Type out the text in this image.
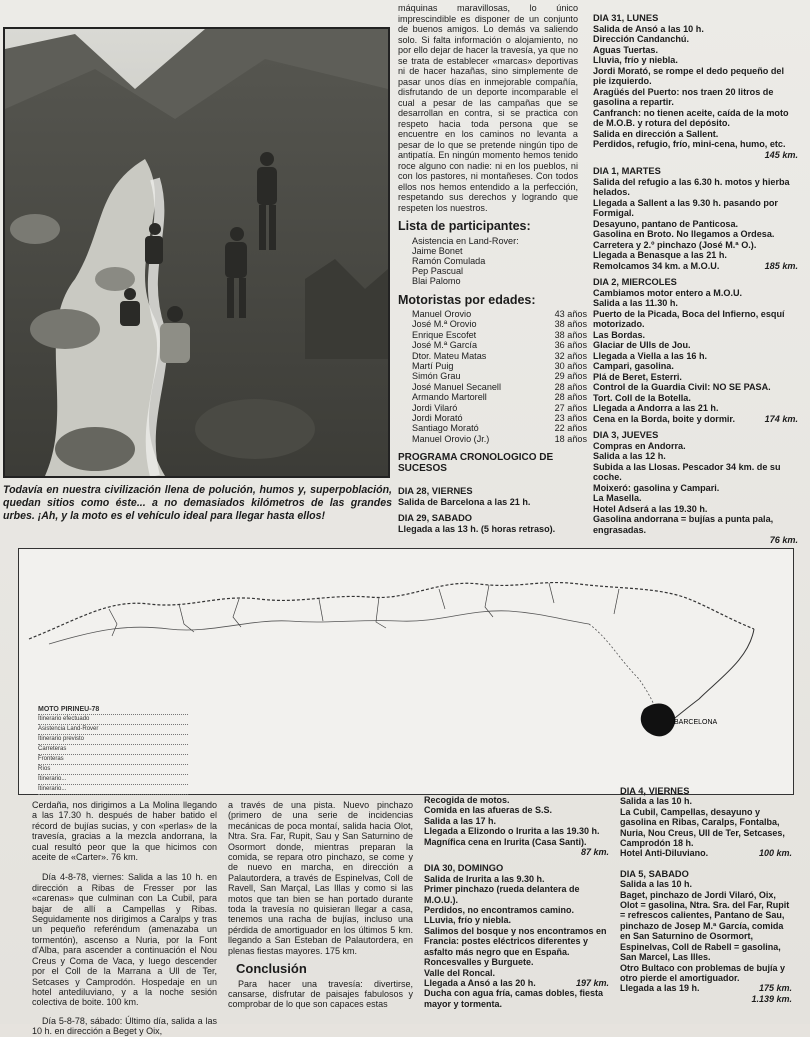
Todavía en nuestra civilización llena de polución, humos y, superpoblación, quedan sitios como éste... a no demasiados kilómetros de las grandes urbes. ¡Ah, y la moto es el vehículo ideal para llegar hasta ellos!

máquinas maravillosas, lo único imprescindible es disponer de un conjunto de buenos amigos. Lo demás va saliendo solo. Si falta información o alojamiento, no por ello dejar de hacer la travesía, ya que no se trata de establecer «marcas» deportivas ni de hacer hazañas, sino simplemente de pasar unos días en inmejorable compañía, disfrutando de un deporte incomparable el cual a pesar de las campañas que se desarrollan en contra, si se practica con respeto hacia toda persona que se encuentre en los caminos no levanta a pesar de lo que se pretende ningún tipo de antipatía. En ningún momento hemos tenido roce alguno con nadie: ni en los pueblos, ni con los pastores, ni montañeses. Con todos ellos nos hemos entendido a la perfección, respetando sus derechos y logrando que respeten los nuestros.

Lista de participantes:
Asistencia en Land-Rover:
Jaime Bonet
Ramón Comulada
Pep Pascual
Blai Palomo
Motoristas por edades:
Manuel Orovio	43 años
José M.ª Orovio	38 años
Enrique Escofet	38 años
José M.ª García	36 años
Dtor. Mateu Matas	32 años
Martí Puig	30 años
Simón Grau	29 años
José Manuel Secanell	28 años
Armando Martorell	28 años
Jordi Vilaró	27 años
Jordi Morató	23 años
Santiago Morató	22 años
Manuel Orovio (Jr.)	18 años
PROGRAMA CRONOLOGICO DE SUCESOS
DIA 28, VIERNES
Salida de Barcelona a las 21 h.
DIA 29, SABADO
Llegada a las 13 h. (5 horas retraso).
DIA 31, LUNES
Salida de Ansó a las 10 h.
Dirección Candanchú.
Aguas Tuertas.
Lluvia, frío y niebla.
Jordi Morató, se rompe el dedo pequeño del pie izquierdo.
Aragüés del Puerto: nos traen 20 litros de gasolina a repartir.
Canfranch: no tienen aceite, caída de la moto de M.O.B. y rotura del depósito.
Salida en dirección a Sallent.
Perdidos, refugio, frío, mini-cena, humo, etc.
145 km.
DIA 1, MARTES
Salida del refugio a las 6.30 h. motos y hierba helados.
Llegada a Sallent a las 9.30 h. pasando por Formigal.
Desayuno, pantano de Panticosa.
Gasolina en Broto. No llegamos a Ordesa.
Carretera y 2.º pinchazo (José M.ª O.).
Llegada a Benasque a las 21 h.
Remolcamos 34 km. a M.O.U.	185 km.
DIA 2, MIERCOLES
Cambiamos motor entero a M.O.U.
Salida a las 11.30 h.
Puerto de la Picada, Boca del Infierno, esquí motorizado.
Las Bordas.
Glaciar de Ulls de Jou.
Llegada a Viella a las 16 h.
Campari, gasolina.
Plá de Beret, Esterri.
Control de la Guardia Civil: NO SE PASA.
Tort. Coll de la Botella.
Llegada a Andorra a las 21 h.
Cena en la Borda, boite y dormir.	174 km.
DIA 3, JUEVES
Compras en Andorra.
Salida a las 12 h.
Subida a las Llosas. Pescador 34 km. de su coche.
Moixeró: gasolina y Campari.
La Masella.
Hotel Adserá a las 19.30 h.
Gasolina andorrana = bujías a punta pala, engrasadas.
76 km.
BARCELONA
MOTO PIRINEU-78
Itinerario efectuado
Asistencia Land-Rover
Itinerario previsto
Carreteras
Fronteras
Ríos
Itinerario...
Itinerario...

Cerdaña, nos dirigimos a La Molina llegando a las 17.30 h. después de haber batido el récord de bujías sucias, y con «perlas» de la travesía, gracias a la mezcla andorrana, la cual resultó peor que la que hicimos con aceite de «Carter». 76 km.

Día 4-8-78, viernes: Salida a las 10 h. en dirección a Ribas de Fresser por las «carenas» que culminan con La Cubil, para bajar de allí a Campellas y Ribas. Seguidamente nos dirigimos a Caralps y tras un pequeño referéndum (amenazaba un tormentón), ascenso a Nuria, por la Font d'Alba, para ascender a continuación el Nou Creus y Coma de Vaca, y luego descender por el Coll de la Marrana a Ull de Ter, Setcases y Camprodón. Hospedaje en un hotel antediluviano, y a la noche sesión colectiva de boite. 100 km.

Día 5-8-78, sábado: Último día, salida a las 10 h. en dirección a Beget y Oix,

a través de una pista. Nuevo pinchazo (primero de una serie de incidencias mecánicas de poca montaí, salida hacia Olot, Ntra. Sra. Far, Rupit, Sau y San Saturnino de Osormort donde, mientras preparan la comida, se repara otro pinchazo, se come y de nuevo en marcha, en dirección a Palautordera, a través de Espinelvas, Coll de Ravell, San Marçal, Las Illas y como si las motos que tan bien se han portado durante toda la travesía no quisieran llegar a casa, tenemos una racha de bujías, incluso una pérdida de amortiguador en los últimos 5 km. llegando a San Esteban de Palautordera, en plenas fiestas mayores. 175 km.

Conclusión

Para hacer una travesía: divertirse, cansarse, disfrutar de paisajes fabulosos y comprobar de lo que son capaces estas

Recogida de motos.
Comida en las afueras de S.S.
Salida a las 17 h.
Llegada a Elizondo o Irurita a las 19.30 h.
Magnífica cena en Irurita (Casa Santi).
87 km.
DIA 30, DOMINGO
Salida de Irurita a las 9.30 h.
Primer pinchazo (rueda delantera de M.O.U.).
Perdidos, no encontramos camino.
LLuvia, frío y niebla.
Salimos del bosque y nos encontramos en Francia: postes eléctricos diferentes y asfalto más negro que en España.
Roncesvalles y Burguete.
Valle del Roncal.
Llegada a Ansó a las 20 h.	197 km.
Ducha con agua fría, camas dobles, fiesta mayor y tormenta.
DIA 4, VIERNES
Salida a las 10 h.
La Cubil, Campellas, desayuno y gasolina en Ribas, Caralps, Fontalba, Nuria, Nou Creus, Ull de Ter, Setcases, Camprodón 18 h.
Hotel Anti-Diluviano.	100 km.
DIA 5, SABADO
Salida a las 10 h.
Baget, pinchazo de Jordi Vilaró, Oix, Olot = gasolina, Ntra. Sra. del Far, Rupit = refrescos calientes, Pantano de Sau, pinchazo de Josep M.ª García, comida en San Saturnino de Osormort, Espinelvas, Coll de Rabell = gasolina, San Marcel, Las Illes.
Otro Bultaco con problemas de bujía y otro pierde el amortiguador.
Llegada a las 19 h.	175 km.
1.139 km.
